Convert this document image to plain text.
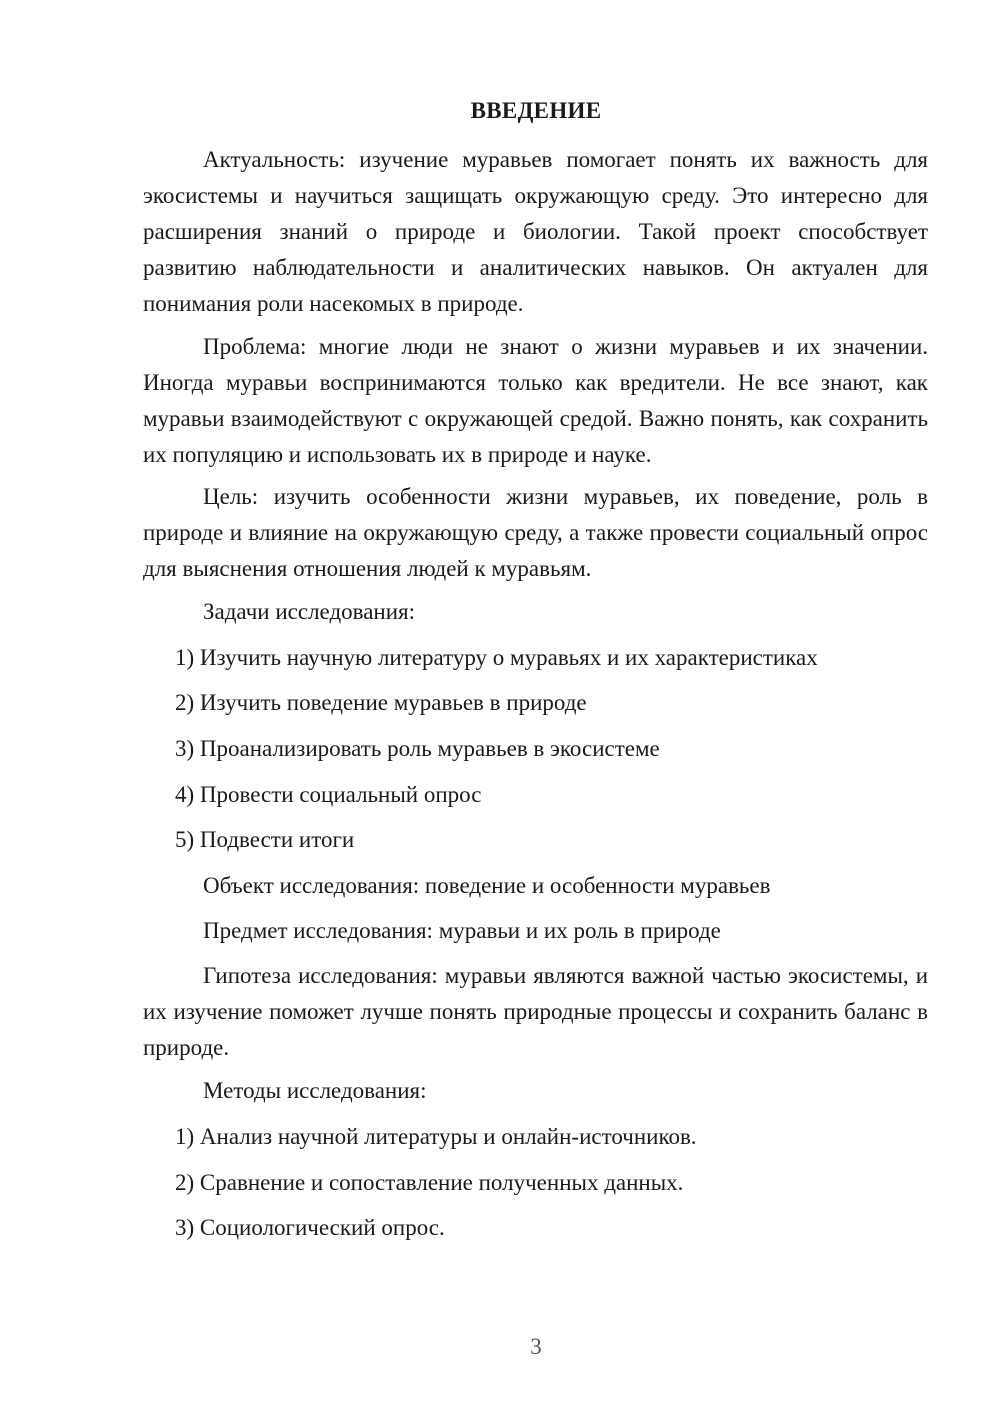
ВВЕДЕНИЕ

Актуальность: изучение муравьев помогает понять их важность для экосистемы и научиться защищать окружающую среду. Это интересно для расширения знаний о природе и биологии. Такой проект способствует развитию наблюдательности и аналитических навыков. Он актуален для понимания роли насекомых в природе.

Проблема: многие люди не знают о жизни муравьев и их значении. Иногда муравьи воспринимаются только как вредители. Не все знают, как муравьи взаимодействуют с окружающей средой. Важно понять, как сохранить их популяцию и использовать их в природе и науке.

Цель: изучить особенности жизни муравьев, их поведение, роль в природе и влияние на окружающую среду, а также провести социальный опрос для выяснения отношения людей к муравьям.

Задачи исследования:

1) Изучить научную литературу о муравьях и их характеристиках

2) Изучить поведение муравьев в природе

3) Проанализировать роль муравьев в экосистеме

4) Провести социальный опрос

5) Подвести итоги

Объект исследования: поведение и особенности муравьев

Предмет исследования: муравьи и их роль в природе

Гипотеза исследования: муравьи являются важной частью экосистемы, и их изучение поможет лучше понять природные процессы и сохранить баланс в природе.

Методы исследования:

1) Анализ научной литературы и онлайн-источников.

2) Сравнение и сопоставление полученных данных.

3) Социологический опрос.

3
